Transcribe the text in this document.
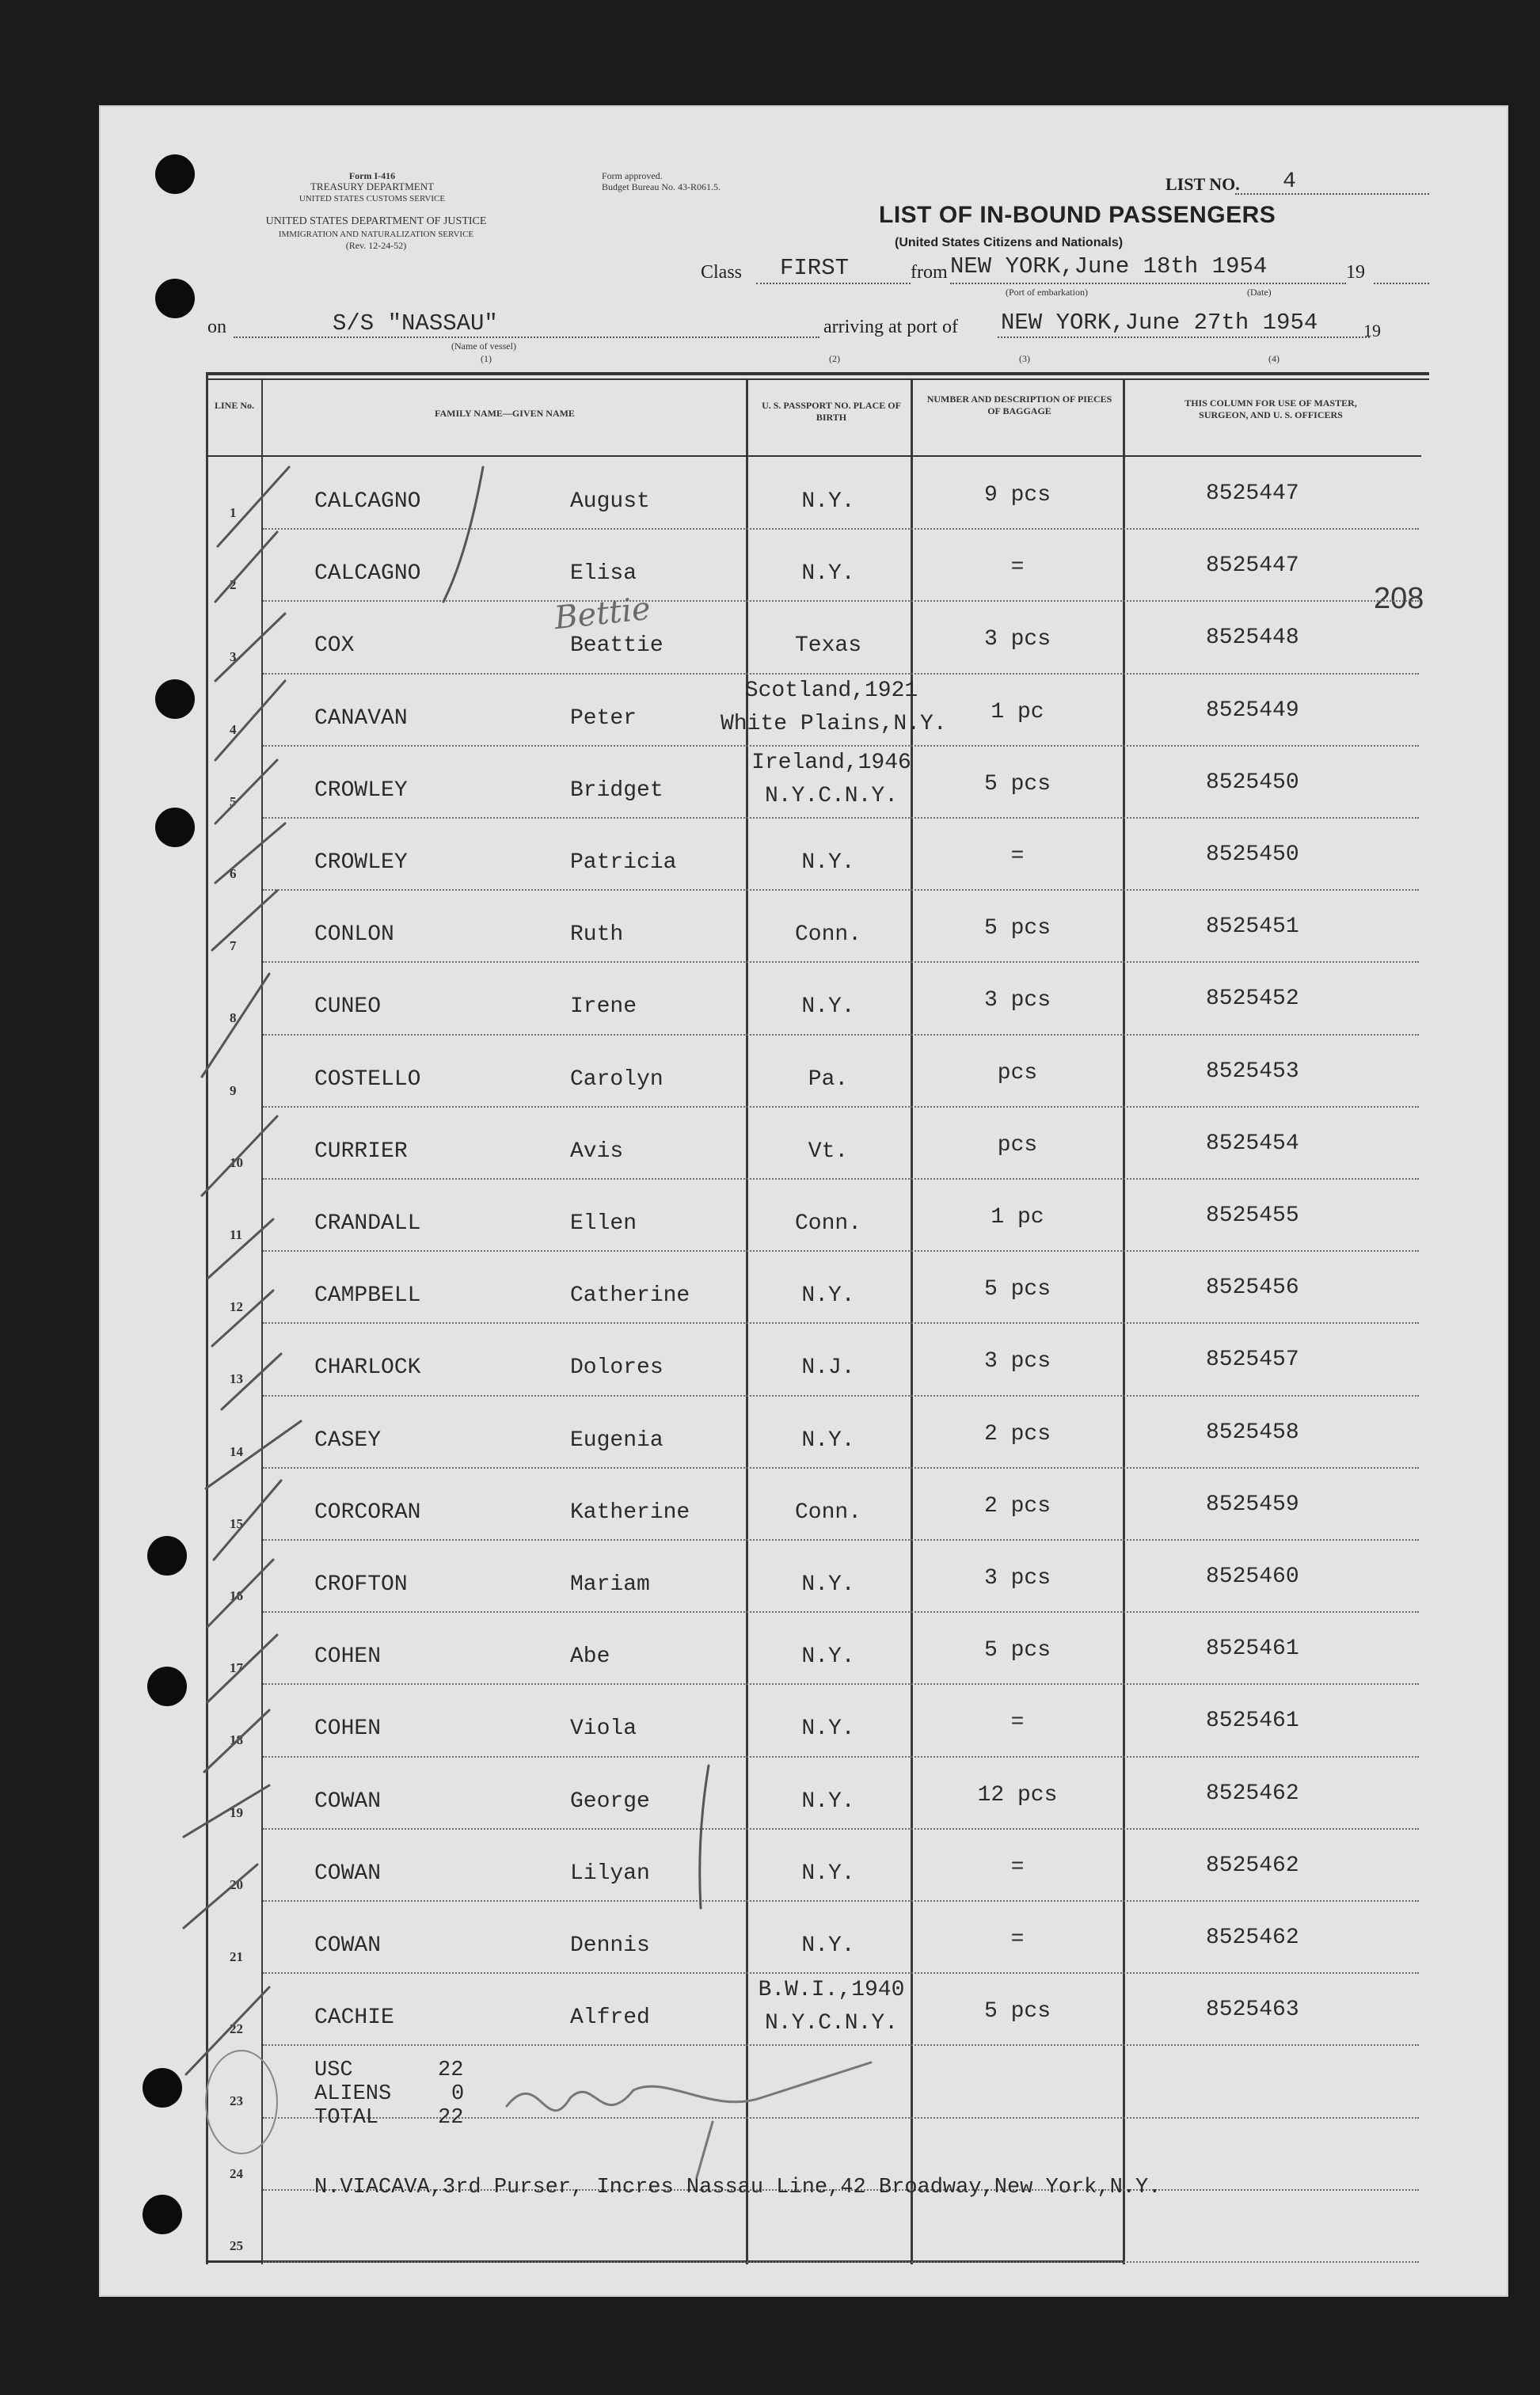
Form I-416
TREASURY DEPARTMENT
UNITED STATES CUSTOMS SERVICE
UNITED STATES DEPARTMENT OF JUSTICE
IMMIGRATION AND NATURALIZATION SERVICE
(Rev. 12-24-52)
Form approved.
Budget Bureau No. 43-R061.5.	LIST NO. 4
LIST OF IN-BOUND PASSENGERS
(United States Citizens and Nationals)
Class FIRST	from NEW YORK,June 18th 1954	19
(Port of embarkation)	(Date)
on	S/S "NASSAU"
(Name of vessel)
(1)
arriving at port of NEW YORK,June 27th 1954	19
(2)	(3)	(4)
208
LINE No.
FAMILY NAME—GIVEN NAME
U. S. PASSPORT NO. PLACE OF BIRTH
NUMBER AND DESCRIPTION OF PIECES OF BAGGAGE
THIS COLUMN FOR USE OF MASTER, SURGEON, AND U. S. OFFICERS
1	CALCAGNO	August	N.Y.	9 pcs	8525447
2	CALCAGNO	Elisa	N.Y.	=	8525447
3	COX	Beattie	Texas	3 pcs	8525448
4	CANAVAN	Peter
Scotland,1921
White Plains,N.Y.	1 pc	8525449
5	CROWLEY	Bridget
Ireland,1946
N.Y.C.N.Y.	5 pcs	8525450
6	CROWLEY	Patricia	N.Y.	=	8525450
7	CONLON	Ruth	Conn.	5 pcs	8525451
8	CUNEO	Irene	N.Y.	3 pcs	8525452
9	COSTELLO	Carolyn	Pa.	pcs	8525453
10	CURRIER	Avis	Vt.	pcs	8525454
11	CRANDALL	Ellen	Conn.	1 pc	8525455
12	CAMPBELL	Catherine	N.Y.	5 pcs	8525456
13	CHARLOCK	Dolores	N.J.	3 pcs	8525457
14	CASEY	Eugenia	N.Y.	2 pcs	8525458
15	CORCORAN	Katherine	Conn.	2 pcs	8525459
16	CROFTON	Mariam	N.Y.	3 pcs	8525460
17	COHEN	Abe	N.Y.	5 pcs	8525461
18	COHEN	Viola	N.Y.	=	8525461
19	COWAN	George	N.Y.	12 pcs	8525462
20	COWAN	Lilyan	N.Y.	=	8525462
21	COWAN	Dennis	N.Y.	=	8525462
22	CACHIE	Alfred
B.W.I.,1940
N.Y.C.N.Y.	5 pcs	8525463
23
24
25
USC	22
ALIENS	0
TOTAL	22
N.VIACAVA,3rd Purser, Incres Nassau Line,42 Broadway,New York,N.Y.
Bettie
